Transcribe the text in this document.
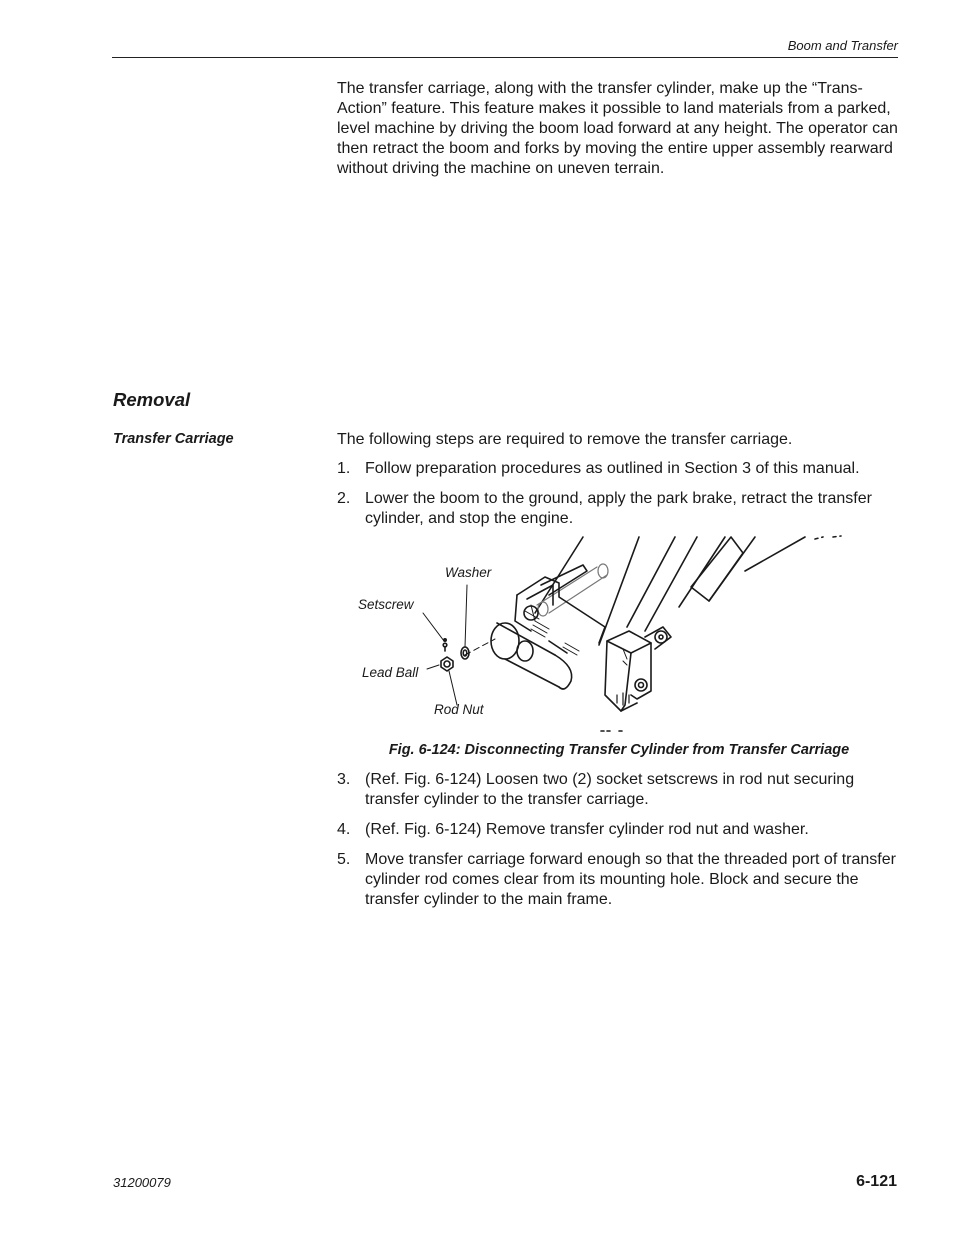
Boom and Transfer
The transfer carriage, along with the transfer cylinder, make up the “Trans-Action” feature. This feature makes it possible to land materials from a parked, level machine by driving the boom load forward at any height. The operator can then retract the boom and forks by moving the entire upper assembly rearward without driving the machine on uneven terrain.
Removal
Transfer Carriage	The following steps are required to remove the transfer carriage.
1. Follow preparation procedures as outlined in Section 3 of this manual.
2. Lower the boom to the ground, apply the park brake, retract the transfer cylinder, and stop the engine.
Washer
Setscrew
Lead Ball
Rod Nut
Fig. 6-124: Disconnecting Transfer Cylinder from Transfer Carriage
3. (Ref. Fig. 6-124) Loosen two (2) socket setscrews in rod nut securing transfer cylinder to the transfer carriage.
4. (Ref. Fig. 6-124) Remove transfer cylinder rod nut and washer.
5. Move transfer carriage forward enough so that the threaded port of transfer cylinder rod comes clear from its mounting hole. Block and secure the transfer cylinder to the main frame.
31200079	6-121
